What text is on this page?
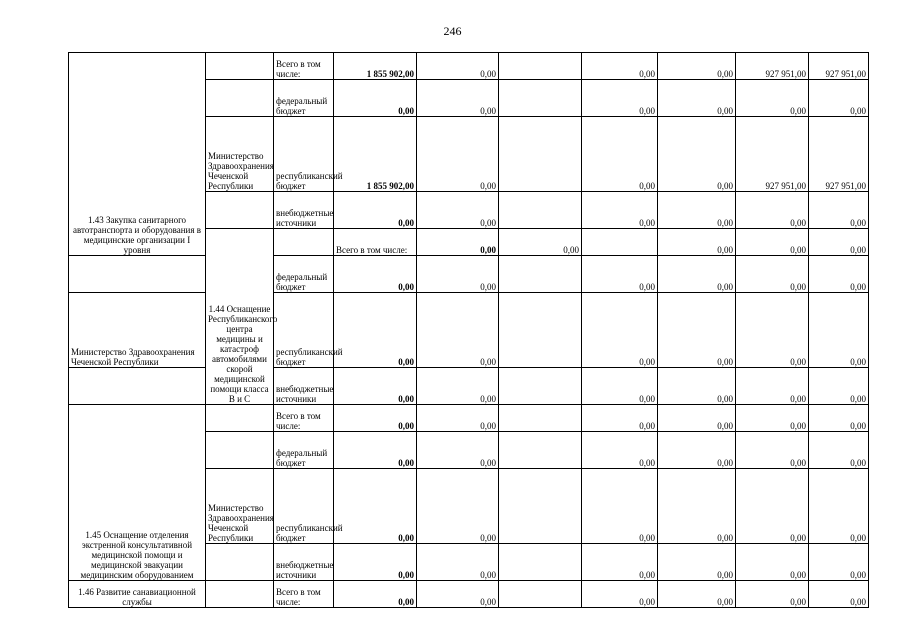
246
1.43 Закупка санитарного автотранспорта и оборудования в медицинские организации I уровня		Всего в том числе:	1 855 902,00	0,00		0,00	0,00	927 951,00	927 951,00	
		федеральный бюджет	0,00	0,00		0,00	0,00	0,00	0,00	
	Министерство Здравоохранения Чеченской Республики	республиканский бюджет	1 855 902,00	0,00		0,00	0,00	927 951,00	927 951,00	
		внебюджетные источники	0,00	0,00		0,00	0,00	0,00	0,00	
	1.44 Оснащение Республиканского центра медицины и катастроф автомобилями скорой медицинской помощи класса В и С		Всего в том числе:	0,00	0,00		0,00	0,00	0,00	
		федеральный бюджет	0,00	0,00		0,00	0,00	0,00	0,00	
Министерство Здравоохранения Чеченской Республики		республиканский бюджет	0,00	0,00		0,00	0,00	0,00	0,00	
		внебюджетные источники	0,00	0,00		0,00	0,00	0,00	0,00	
1.45 Оснащение отделения экстренной консультативной медицинской помощи и медицинской эвакуации медицинским оборудованием		Всего в том числе:	0,00	0,00		0,00	0,00	0,00	0,00	
		федеральный бюджет	0,00	0,00		0,00	0,00	0,00	0,00	
	Министерство Здравоохранения Чеченской Республики	республиканский бюджет	0,00	0,00		0,00	0,00	0,00	0,00	
		внебюджетные источники	0,00	0,00		0,00	0,00	0,00	0,00	
1.46 Развитие санавиационной службы		Всего в том числе:	0,00	0,00		0,00	0,00	0,00	0,00	
